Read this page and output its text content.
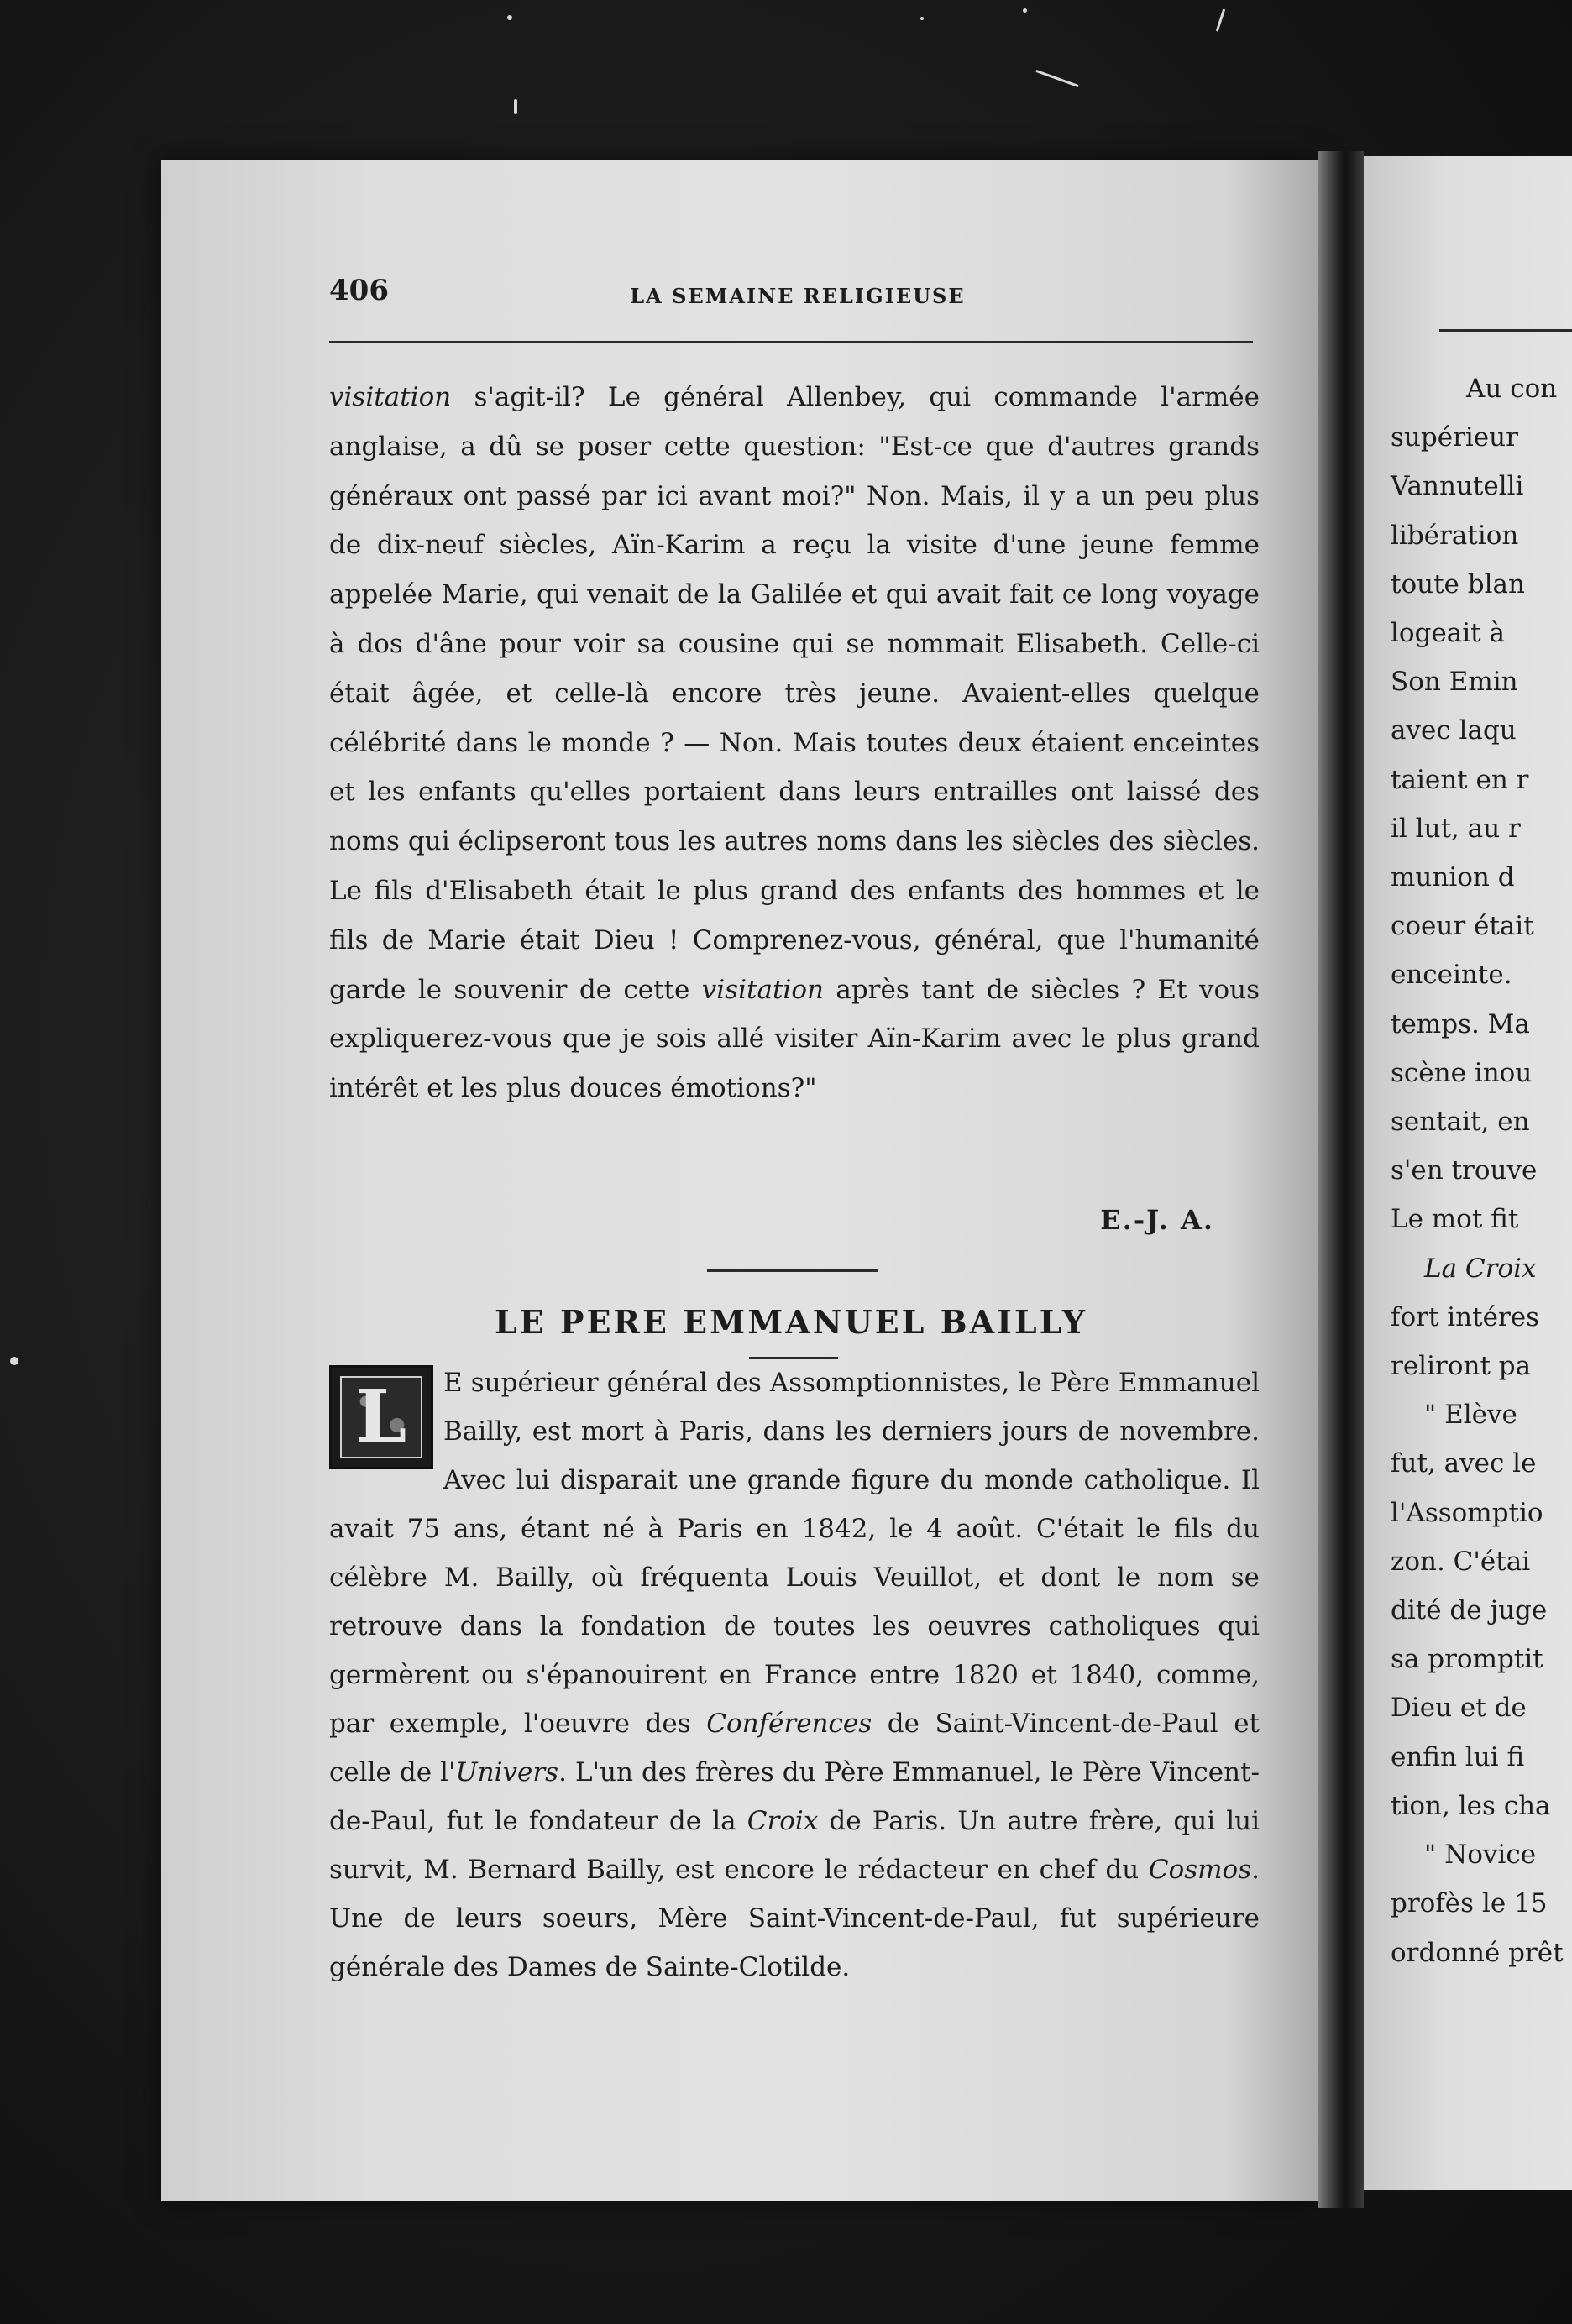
406	LA SEMAINE RELIGIEUSE

visitation s'agit-il? Le général Allenbey, qui commande l'armée anglaise, a dû se poser cette question: "Est-ce que d'autres grands généraux ont passé par ici avant moi?" Non. Mais, il y a un peu plus de dix-neuf siècles, Aïn-Karim a reçu la visite d'une jeune femme appelée Marie, qui venait de la Galilée et qui avait fait ce long voyage à dos d'âne pour voir sa cousine qui se nommait Elisabeth. Celle-ci était âgée, et celle-là encore très jeune. Avaient-elles quelque célébrité dans le monde ? — Non. Mais toutes deux étaient enceintes et les enfants qu'elles portaient dans leurs entrailles ont laissé des noms qui éclipseront tous les autres noms dans les siècles des siècles. Le fils d'Elisabeth était le plus grand des enfants des hommes et le fils de Marie était Dieu ! Comprenez-vous, général, que l'humanité garde le souvenir de cette visitation après tant de siècles ? Et vous expliquerez-vous que je sois allé visiter Aïn-Karim avec le plus grand intérêt et les plus douces émotions?"

E.-J. A.
LE PERE EMMANUEL BAILLY
L	E supérieur général des Assomptionnistes, le Père Emmanuel Bailly, est mort à Paris, dans les derniers jours de novembre. Avec lui disparait une grande figure du monde catholique. Il avait 75 ans, étant né à Paris en 1842, le 4 août. C'était le fils du célèbre M. Bailly, où fréquenta Louis Veuillot, et dont le nom se retrouve dans la fondation de toutes les oeuvres catholiques qui germèrent ou s'épanouirent en France entre 1820 et 1840, comme, par exemple, l'oeuvre des Conférences de Saint-Vincent-de-Paul et celle de l'Univers. L'un des frères du Père Emmanuel, le Père Vincent-de-Paul, fut le fondateur de la Croix de Paris. Un autre frère, qui lui survit, M. Bernard Bailly, est encore le rédacteur en chef du Cosmos. Une de leurs soeurs, Mère Saint-Vincent-de-Paul, fut supérieure générale des Dames de Sainte-Clotilde.
Au con
supérieur
Vannutelli
libération
toute blan
logeait à
Son Emin
avec laqu
taient en r
il lut, au r
munion d
coeur était
enceinte.
temps. Ma
scène inou
sentait, en
s'en trouve
Le mot fit
La Croix
fort intéres
reliront pa
" Elève
fut, avec le
l'Assomptio
zon. C'étai
dité de juge
sa promptit
Dieu et de
enfin lui fi
tion, les cha
" Novice
profès le 15
ordonné prêt
